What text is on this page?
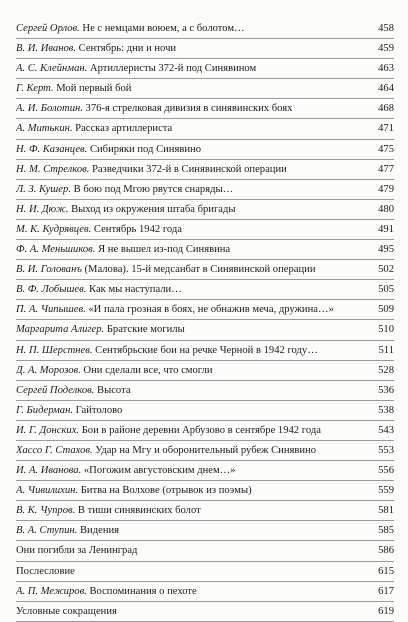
Сергей Орлов. Не с немцами воюем, а с болотом…	458
В. И. Иванов. Сентябрь: дни и ночи	459
А. С. Клейнман. Артиллеристы 372-й под Синявином	463
Г. Керт. Мой первый бой	464
А. И. Болотин. 376-я стрелковая дивизия в синявинских боях	468
А. Митькин. Рассказ артиллериста	471
Н. Ф. Казанцев. Сибиряки под Синявино	475
Н. М. Стрелков. Разведчики 372-й в Синявинской операции	477
Л. З. Кушер. В бою под Мгою рвутся снаряды…	479
Н. И. Дюж. Выход из окружения штаба бригады	480
М. К. Кудрявцев. Сентябрь 1942 года	491
Ф. А. Меньшиков. Я не вышел из-под Синявина	495
В. И. Голованъ (Малова). 15-й медсанбат в Синявинской операции	502
В. Ф. Лобышев. Как мы наступали…	505
П. А. Чипышев. «И пала грозная в боях, не обнажив меча, дружина…»	509
Маргарита Алигер. Братские могилы	510
Н. П. Шерстнев. Сентябрьские бои на речке Черной в 1942 году…	511
Д. А. Морозов. Они сделали все, что смогли	528
Сергей Поделков. Высота	536
Г. Бидерман. Гайтолово	538
И. Г. Донских. Бои в районе деревни Арбузово в сентябре 1942 года	543
Хассо Г. Стахов. Удар на Мгу и оборонительный рубеж Синявино	553
И. А. Иванова. «Погожим августовским днем…»	556
А. Чивилихин. Битва на Волхове (отрывок из поэмы)	559
В. К. Чупров. В тиши синявинских болот	581
В. А. Ступин. Видения	585
Они погибли за Ленинград	586
Послесловие	615
А. П. Межиров. Воспоминания о пехоте	617
Условные сокращения	619
